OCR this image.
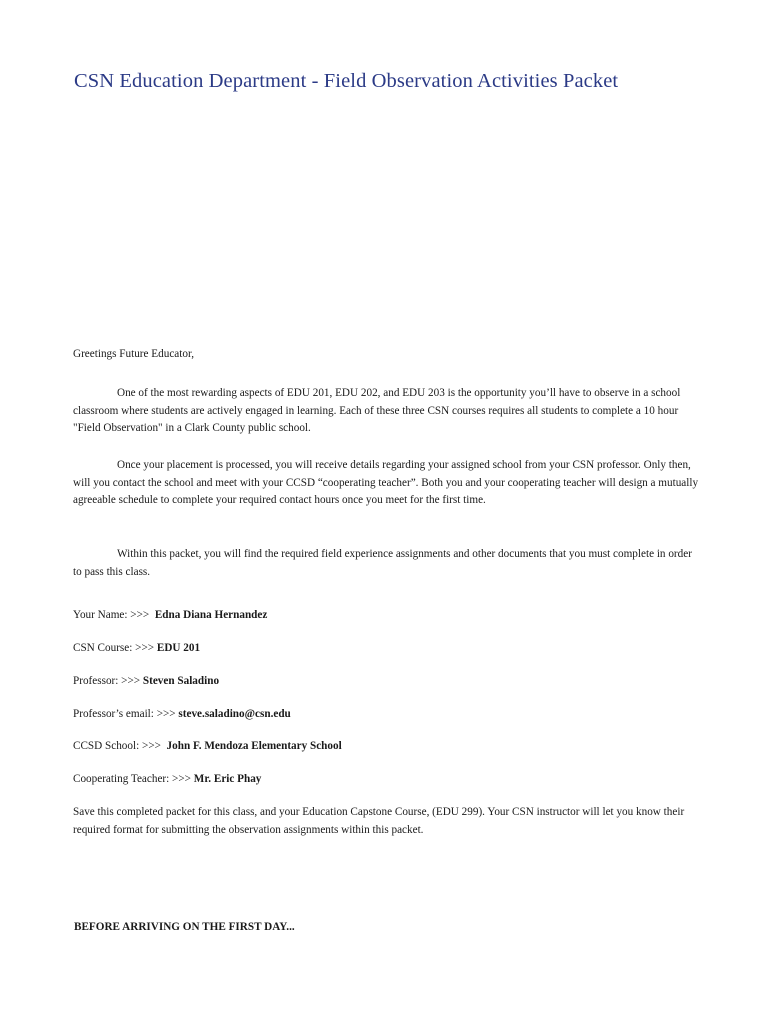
CSN Education Department - Field Observation Activities Packet

Greetings Future Educator,

One of the most rewarding aspects of EDU 201, EDU 202, and EDU 203 is the opportunity you’ll have to observe in a school classroom where students are actively engaged in learning. Each of these three CSN courses requires all students to complete a 10 hour "Field Observation" in a Clark County public school.

Once your placement is processed, you will receive details regarding your assigned school from your CSN professor. Only then, will you contact the school and meet with your CCSD “cooperating teacher”. Both you and your cooperating teacher will design a mutually agreeable schedule to complete your required contact hours once you meet for the first time.

Within this packet, you will find the required field experience assignments and other documents that you must complete in order to pass this class.

Your Name: >>> Edna Diana Hernandez
CSN Course: >>> EDU 201
Professor: >>> Steven Saladino
Professor’s email: >>> steve.saladino@csn.edu
CCSD School: >>> John F. Mendoza Elementary School
Cooperating Teacher: >>> Mr. Eric Phay

Save this completed packet for this class, and your Education Capstone Course, (EDU 299). Your CSN instructor will let you know their required format for submitting the observation assignments within this packet.

BEFORE ARRIVING ON THE FIRST DAY...
